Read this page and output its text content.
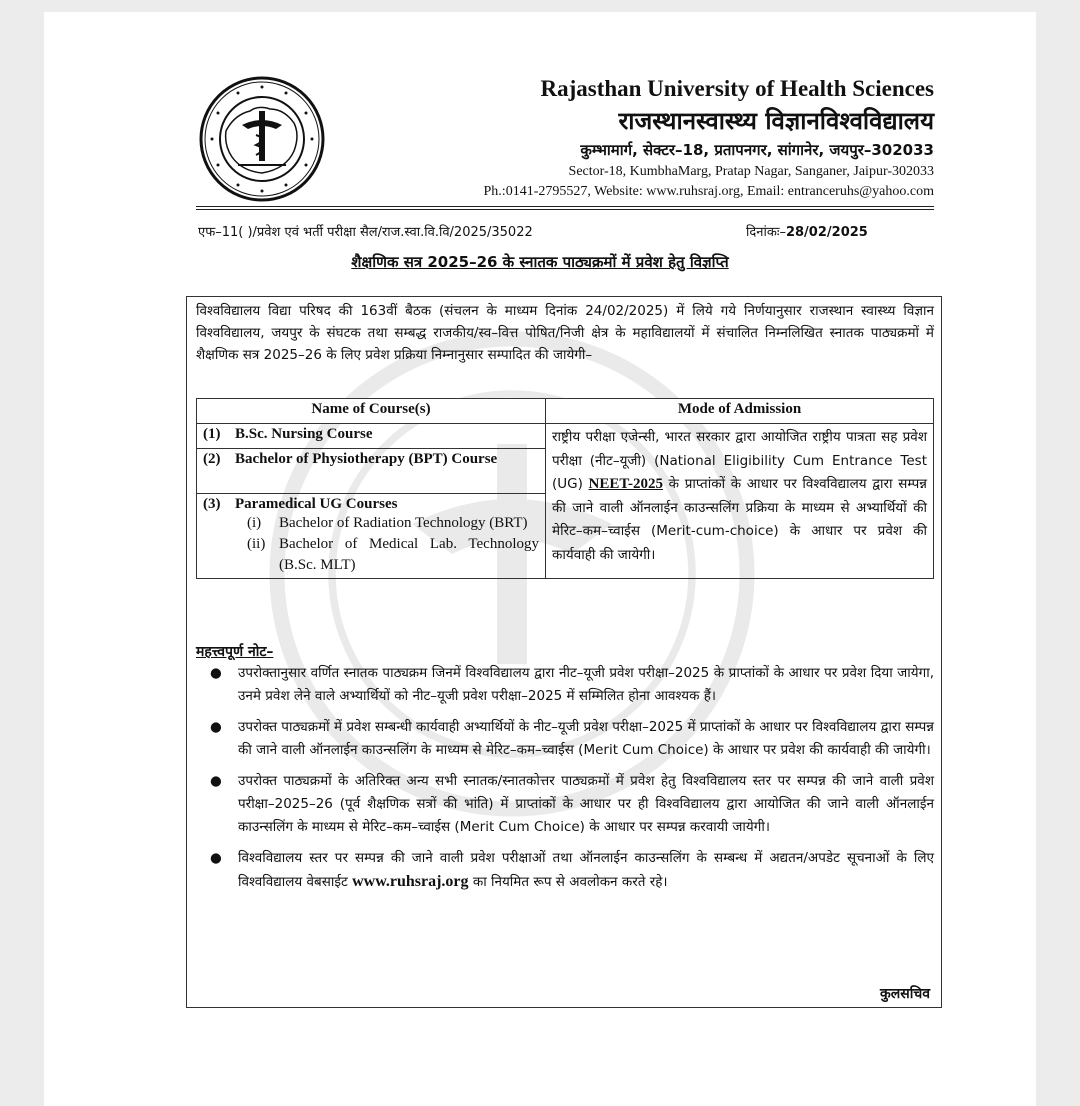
Rajasthan University of Health Sciences
राजस्थानस्वास्थ्य विज्ञानविश्वविद्यालय
कुम्भामार्ग, सेक्टर–18, प्रतापनगर, सांगानेर, जयपुर–302033
Sector-18, KumbhaMarg, Pratap Nagar, Sanganer, Jaipur-302033
Ph.:0141-2795527, Website: www.ruhsraj.org, Email: entranceruhs@yahoo.com
एफ–11( )/प्रवेश एवं भर्ती परीक्षा सैल/राज.स्वा.वि.वि/2025/35022	दिनांकः–28/02/2025
शैक्षणिक सत्र 2025–26 के स्नातक पाठ्यक्रमों में प्रवेश हेतु विज्ञप्ति
विश्वविद्यालय विद्या परिषद की 163वीं बैठक (संचलन के माध्यम दिनांक 24/02/2025) में लिये गये निर्णयानुसार राजस्थान स्वास्थ्य विज्ञान विश्वविद्यालय, जयपुर के संघटक तथा सम्बद्ध राजकीय/स्व–वित्त पोषित/निजी क्षेत्र के महाविद्यालयों में संचालित निम्नलिखित स्नातक पाठ्यक्रमों में शैक्षणिक सत्र 2025–26 के लिए प्रवेश प्रक्रिया निम्नानुसार सम्पादित की जायेगी–
Name of Course(s)	Mode of Admission
(1) B.Sc. Nursing Course	राष्ट्रीय परीक्षा एजेन्सी, भारत सरकार द्वारा आयोजित राष्ट्रीय पात्रता सह प्रवेश परीक्षा (नीट–यूजी) (National Eligibility Cum Entrance Test (UG) NEET-2025 के प्राप्तांकों के आधार पर विश्वविद्यालय द्वारा सम्पन्न की जाने वाली ऑनलाईन काउन्सलिंग प्रक्रिया के माध्यम से अभ्यार्थियों की मेरिट–कम–च्वाईस (Merit-cum-choice) के आधार पर प्रवेश की कार्यवाही की जायेगी।

(2) Bachelor of Physiotherapy (BPT) Course	

(3) Paramedical UG Courses
(i) Bachelor of Radiation Technology (BRT)
(ii) Bachelor of Medical Lab. Technology (B.Sc. MLT)	
महत्त्वपूर्ण नोट–
● उपरोक्तानुसार वर्णित स्नातक पाठ्यक्रम जिनमें विश्वविद्यालय द्वारा नीट–यूजी प्रवेश परीक्षा–2025 के प्राप्तांकों के आधार पर प्रवेश दिया जायेगा, उनमे प्रवेश लेने वाले अभ्यार्थियों को नीट–यूजी प्रवेश परीक्षा–2025 में सम्मिलित होना आवश्यक हैं।
● उपरोक्त पाठ्यक्रमों में प्रवेश सम्बन्धी कार्यवाही अभ्यार्थियों के नीट–यूजी प्रवेश परीक्षा–2025 में प्राप्तांकों के आधार पर विश्वविद्यालय द्वारा सम्पन्न की जाने वाली ऑनलाईन काउन्सलिंग के माध्यम से मेरिट–कम–च्वाईस (Merit Cum Choice) के आधार पर प्रवेश की कार्यवाही की जायेगी।
● उपरोक्त पाठ्यक्रमों के अतिरिक्त अन्य सभी स्नातक/स्नातकोत्तर पाठ्यक्रमों में प्रवेश हेतु विश्वविद्यालय स्तर पर सम्पन्न की जाने वाली प्रवेश परीक्षा–2025–26 (पूर्व शैक्षणिक सत्रों की भांति) में प्राप्तांकों के आधार पर ही विश्वविद्यालय द्वारा आयोजित की जाने वाली ऑनलाईन काउन्सलिंग के माध्यम से मेरिट–कम–च्वाईस (Merit Cum Choice) के आधार पर सम्पन्न करवायी जायेगी।
● विश्वविद्यालय स्तर पर सम्पन्न की जाने वाली प्रवेश परीक्षाओं तथा ऑनलाईन काउन्सलिंग के सम्बन्ध में अद्यतन/अपडेट सूचनाओं के लिए विश्वविद्यालय वेबसाईट www.ruhsraj.org का नियमित रूप से अवलोकन करते रहे।
कुलसचिव
